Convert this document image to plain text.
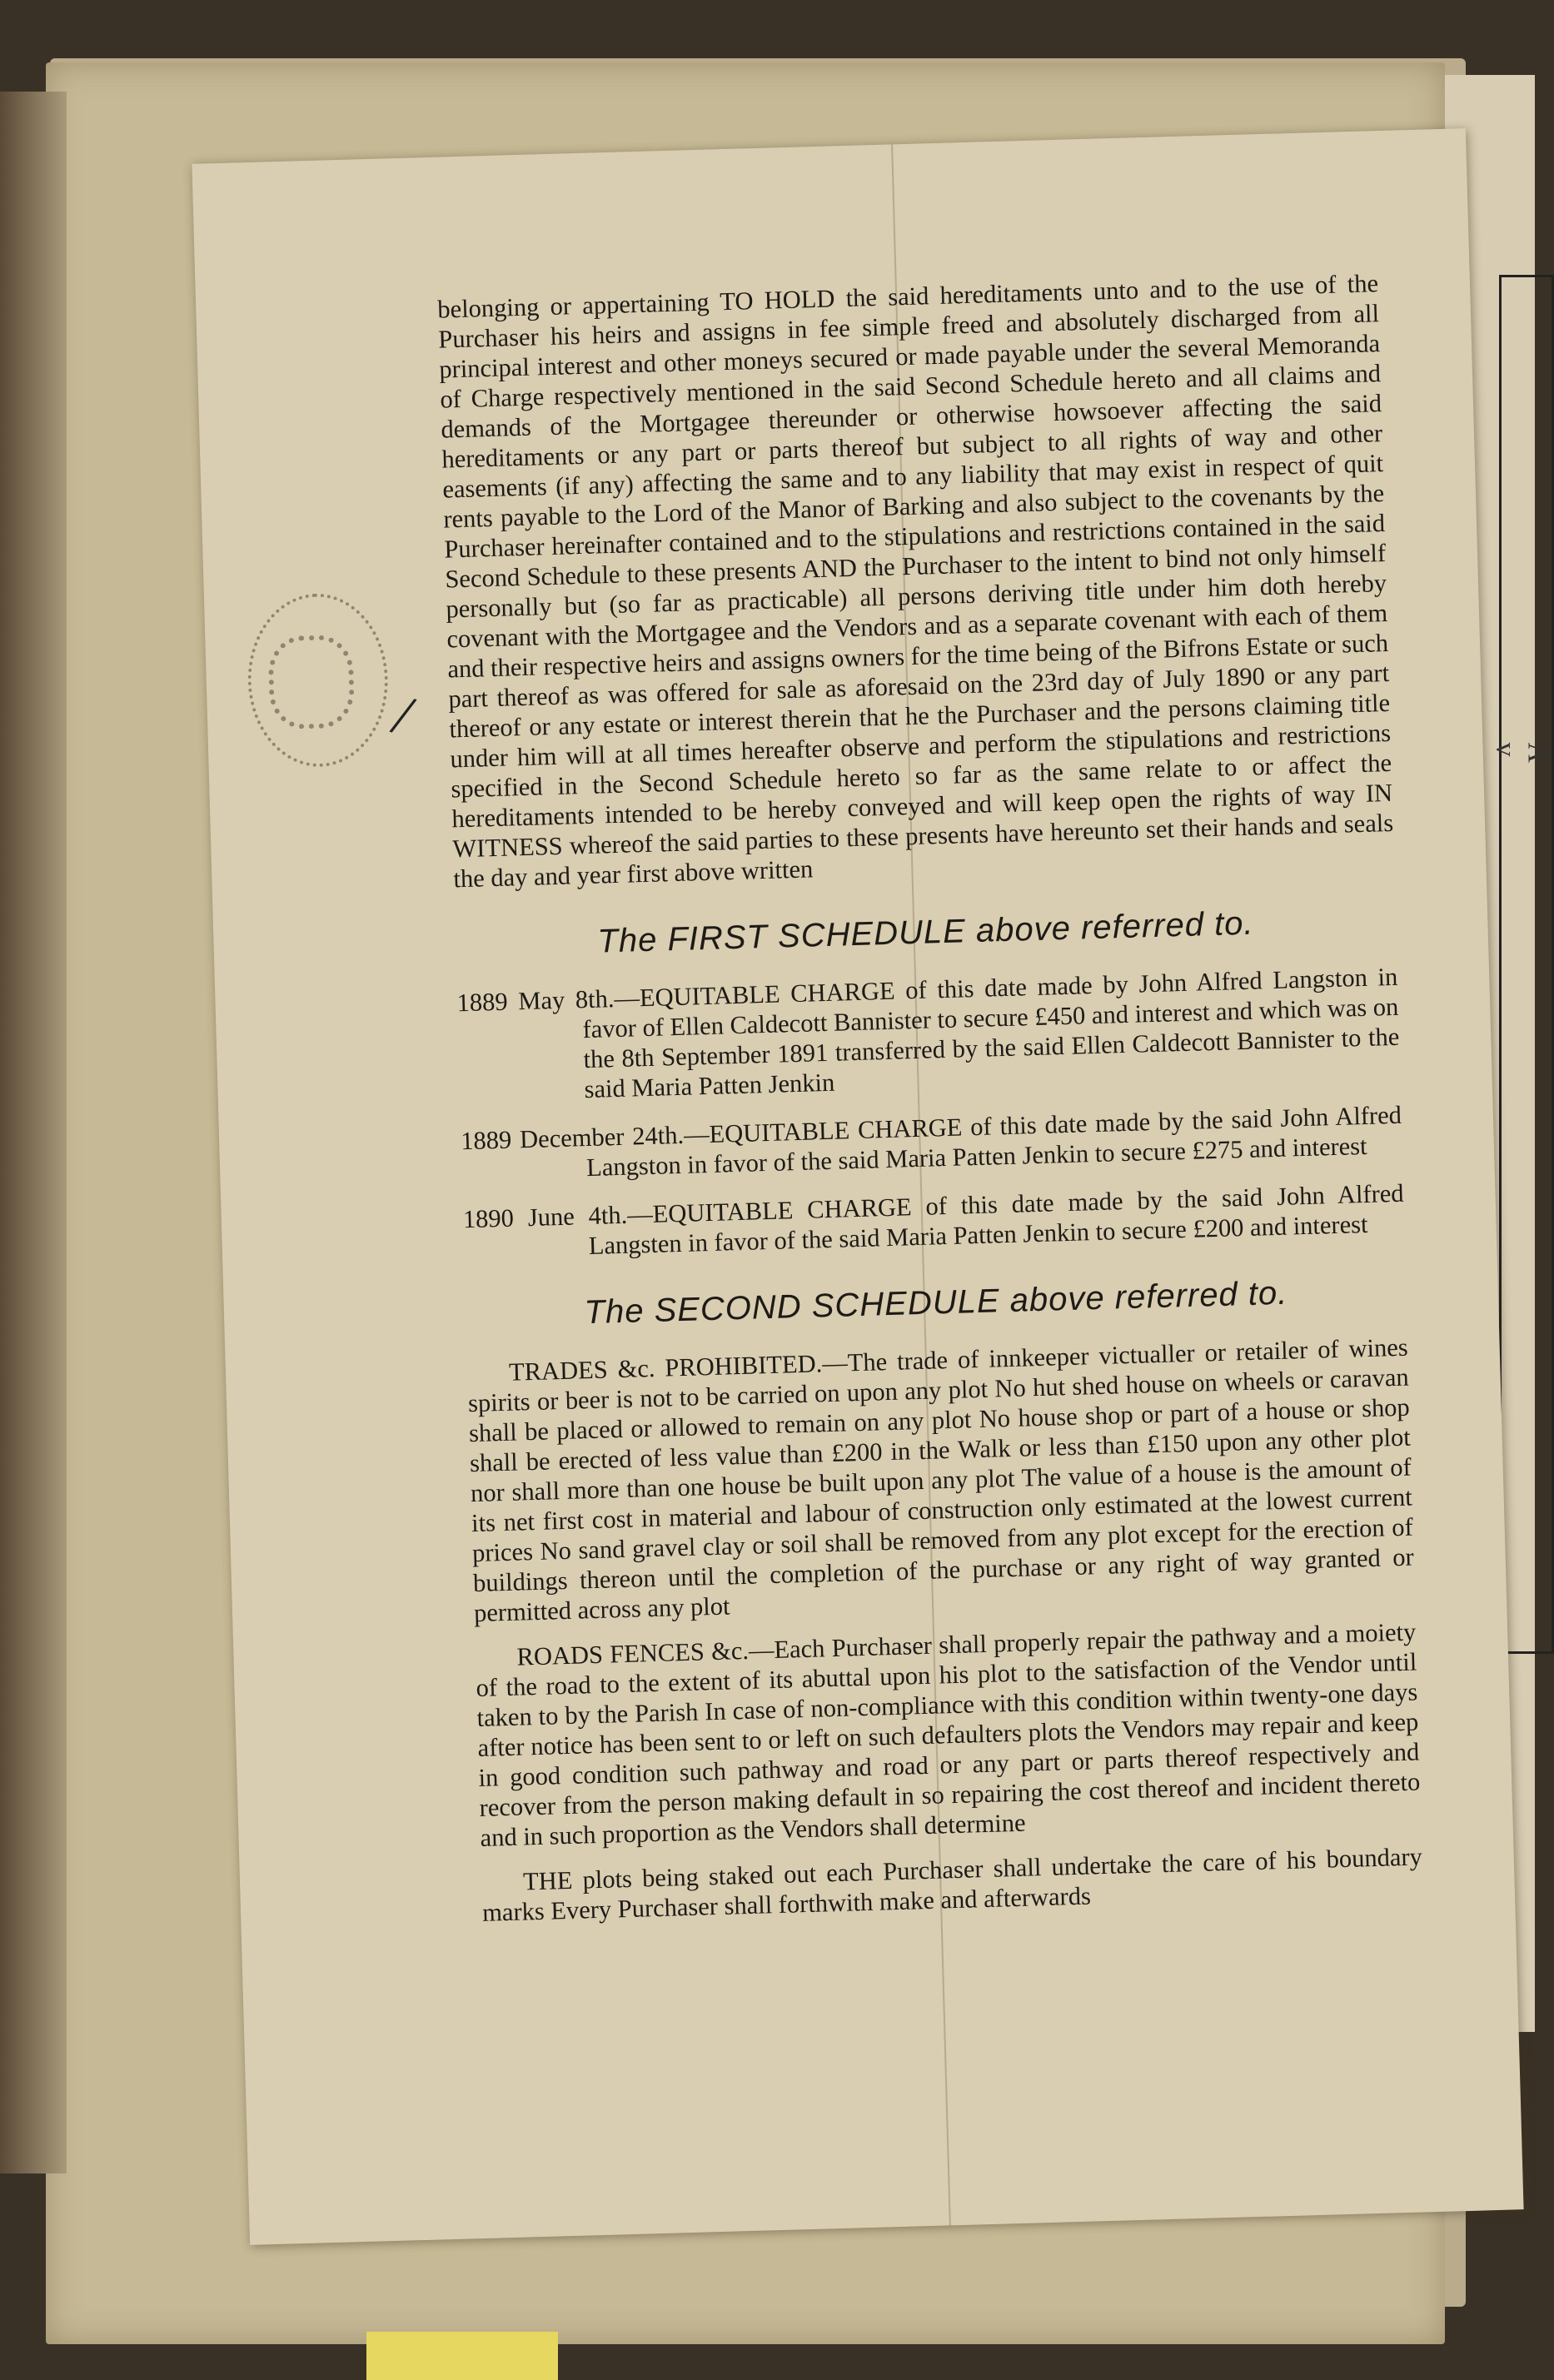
A v
/

belonging or appertaining TO HOLD the said hereditaments unto and to the use of the Purchaser his heirs and assigns in fee simple freed and absolutely discharged from all principal interest and other moneys secured or made payable under the several Memoranda of Charge respectively mentioned in the said Second Schedule hereto and all claims and demands of the Mortgagee thereunder or otherwise howsoever affecting the said hereditaments or any part or parts thereof but subject to all rights of way and other easements (if any) affecting the same and to any liability that may exist in respect of quit rents payable to the Lord of the Manor of Barking and also subject to the covenants by the Purchaser hereinafter contained and to the stipulations and restrictions contained in the said Second Schedule to these presents AND the Purchaser to the intent to bind not only himself personally but (so far as practicable) all persons deriving title under him doth hereby covenant with the Mortgagee and the Vendors and as a separate covenant with each of them and their respective heirs and assigns owners for the time being of the Bifrons Estate or such part thereof as was offered for sale as aforesaid on the 23rd day of July 1890 or any part thereof or any estate or interest therein that he the Purchaser and the persons claiming title under him will at all times hereafter observe and perform the stipulations and restrictions specified in the Second Schedule hereto so far as the same relate to or affect the hereditaments intended to be hereby conveyed and will keep open the rights of way IN WITNESS whereof the said parties to these presents have hereunto set their hands and seals the day and year first above written

The FIRST SCHEDULE above referred to.

1889 May 8th.—EQUITABLE CHARGE of this date made by John Alfred Langston in favor of Ellen Caldecott Bannister to secure £450 and interest and which was on the 8th September 1891 transferred by the said Ellen Caldecott Bannister to the said Maria Patten Jenkin

1889 December 24th.—EQUITABLE CHARGE of this date made by the said John Alfred Langston in favor of the said Maria Patten Jenkin to secure £275 and interest

1890 June 4th.—EQUITABLE CHARGE of this date made by the said John Alfred Langsten in favor of the said Maria Patten Jenkin to secure £200 and interest

The SECOND SCHEDULE above referred to.

TRADES &c. PROHIBITED.—The trade of innkeeper victualler or retailer of wines spirits or beer is not to be carried on upon any plot No hut shed house on wheels or caravan shall be placed or allowed to remain on any plot No house shop or part of a house or shop shall be erected of less value than £200 in the Walk or less than £150 upon any other plot nor shall more than one house be built upon any plot The value of a house is the amount of its net first cost in material and labour of construction only estimated at the lowest current prices No sand gravel clay or soil shall be removed from any plot except for the erection of buildings thereon until the completion of the purchase or any right of way granted or permitted across any plot

ROADS FENCES &c.—Each Purchaser shall properly repair the pathway and a moiety of the road to the extent of its abuttal upon his plot to the satisfaction of the Vendor until taken to by the Parish In case of non-compliance with this condition within twenty-one days after notice has been sent to or left on such defaulters plots the Vendors may repair and keep in good condition such pathway and road or any part or parts thereof respectively and recover from the person making default in so repairing the cost thereof and incident thereto and in such proportion as the Vendors shall determine

THE plots being staked out each Purchaser shall undertake the care of his boundary marks Every Purchaser shall forthwith make and afterwards
